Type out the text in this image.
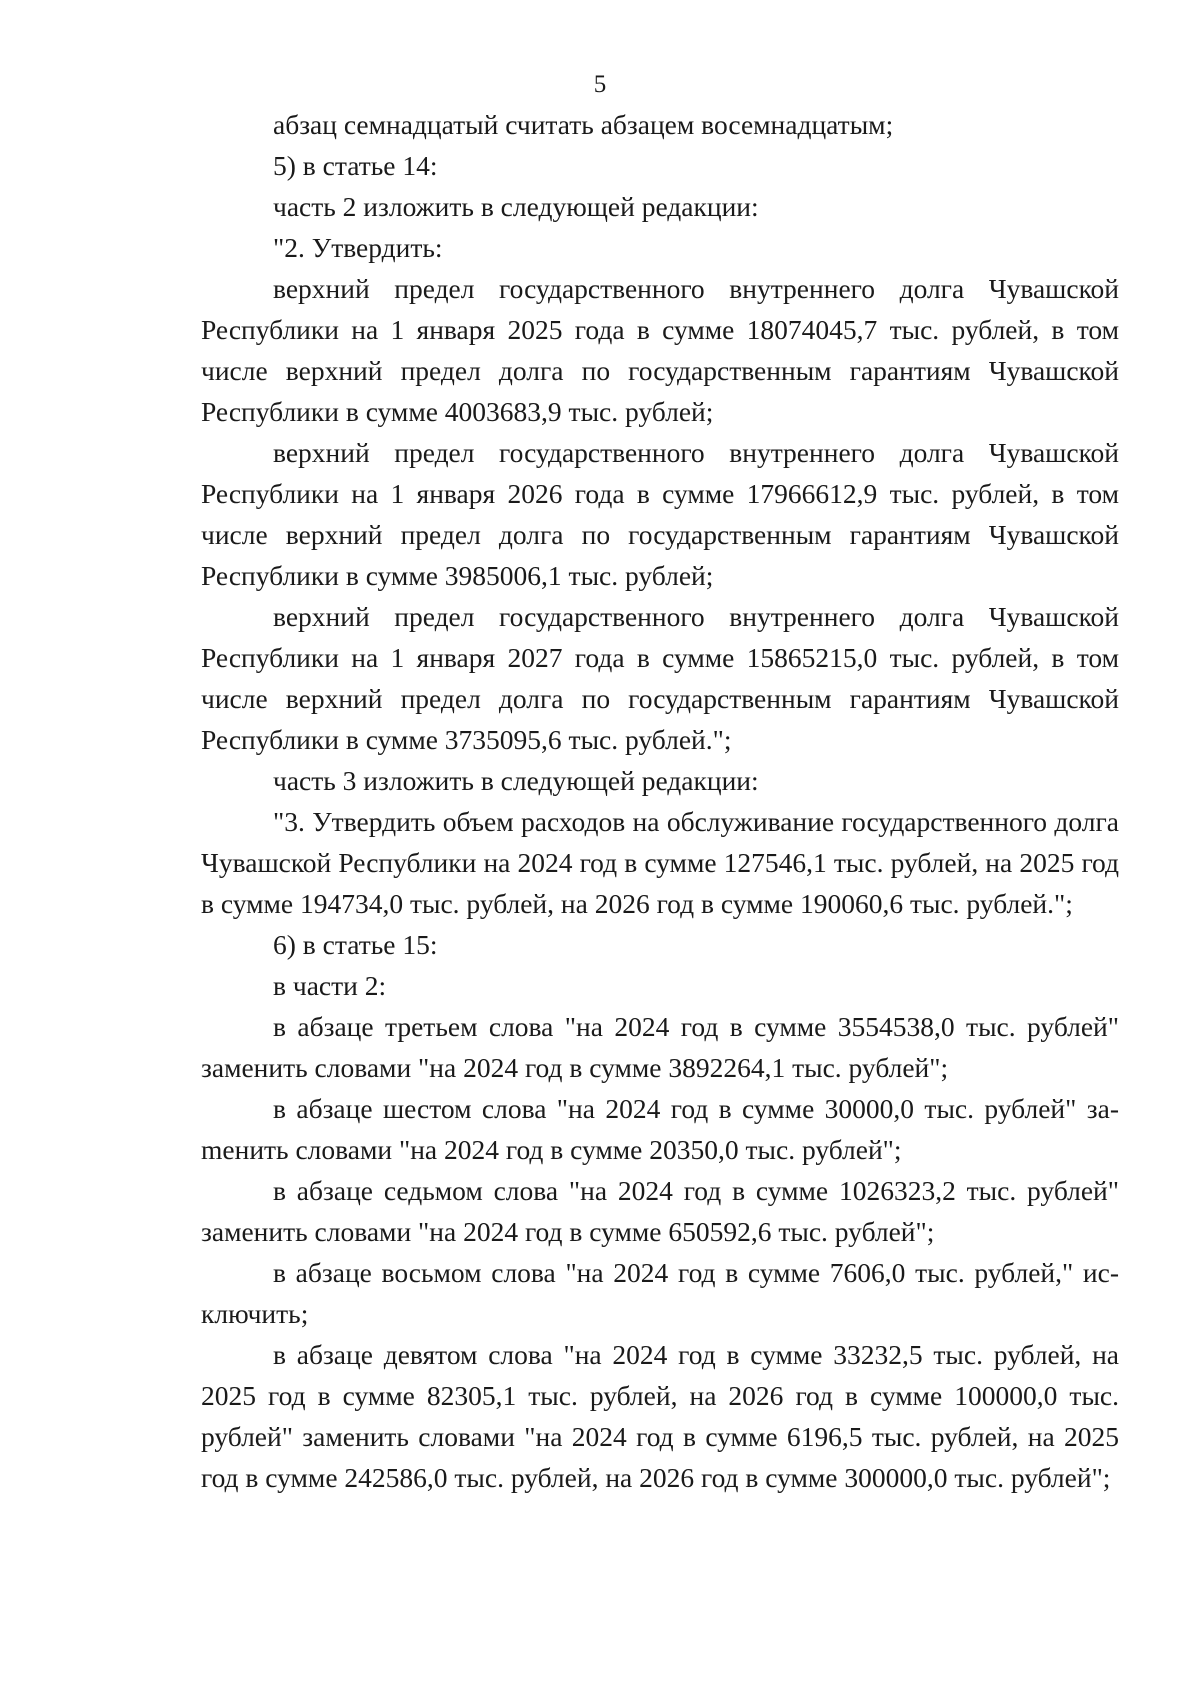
5

абзац семнадцатый считать абзацем восемнадцатым;

5) в статье 14:

часть 2 изложить в следующей редакции:

"2. Утвердить:

верхний предел государственного внутреннего долга Чувашской Республики на 1 января 2025 года в сумме 18074045,7 тыс. рублей, в том числе верхний предел долга по государственным гарантиям Чувашской Республики в сумме 4003683,9 тыс. рублей;

верхний предел государственного внутреннего долга Чувашской Республики на 1 января 2026 года в сумме 17966612,9 тыс. рублей, в том числе верхний предел долга по государственным гарантиям Чувашской Республики в сумме 3985006,1 тыс. рублей;

верхний предел государственного внутреннего долга Чувашской Республики на 1 января 2027 года в сумме 15865215,0 тыс. рублей, в том числе верхний предел долга по государственным гарантиям Чувашской Республики в сумме 3735095,6 тыс. рублей.";

часть 3 изложить в следующей редакции:

"3. Утвердить объем расходов на обслуживание государственного долга Чувашской Республики на 2024 год в сумме 127546,1 тыс. рублей, на 2025 год в сумме 194734,0 тыс. рублей, на 2026 год в сумме 190060,6 тыс. рублей.";

6) в статье 15:

в части 2:

в абзаце третьем слова "на 2024 год в сумме 3554538,0 тыс. рублей" заменить словами "на 2024 год в сумме 3892264,1 тыс. рублей";

в абзаце шестом слова "на 2024 год в сумме 30000,0 тыс. рублей" заmенить словами "на 2024 год в сумме 20350,0 тыс. рублей";

в абзаце седьмом слова "на 2024 год в сумме 1026323,2 тыс. рублей" заменить словами "на 2024 год в сумме 650592,6 тыс. рублей";

в абзаце восьмом слова "на 2024 год в сумме 7606,0 тыс. рублей," исключить;

в абзаце девятом слова "на 2024 год в сумме 33232,5 тыс. рублей, на 2025 год в сумме 82305,1 тыс. рублей, на 2026 год в сумме 100000,0 тыс. рублей" заменить словами "на 2024 год в сумме 6196,5 тыс. рублей, на 2025 год в сумме 242586,0 тыс. рублей, на 2026 год в сумме 300000,0 тыс. рублей";
